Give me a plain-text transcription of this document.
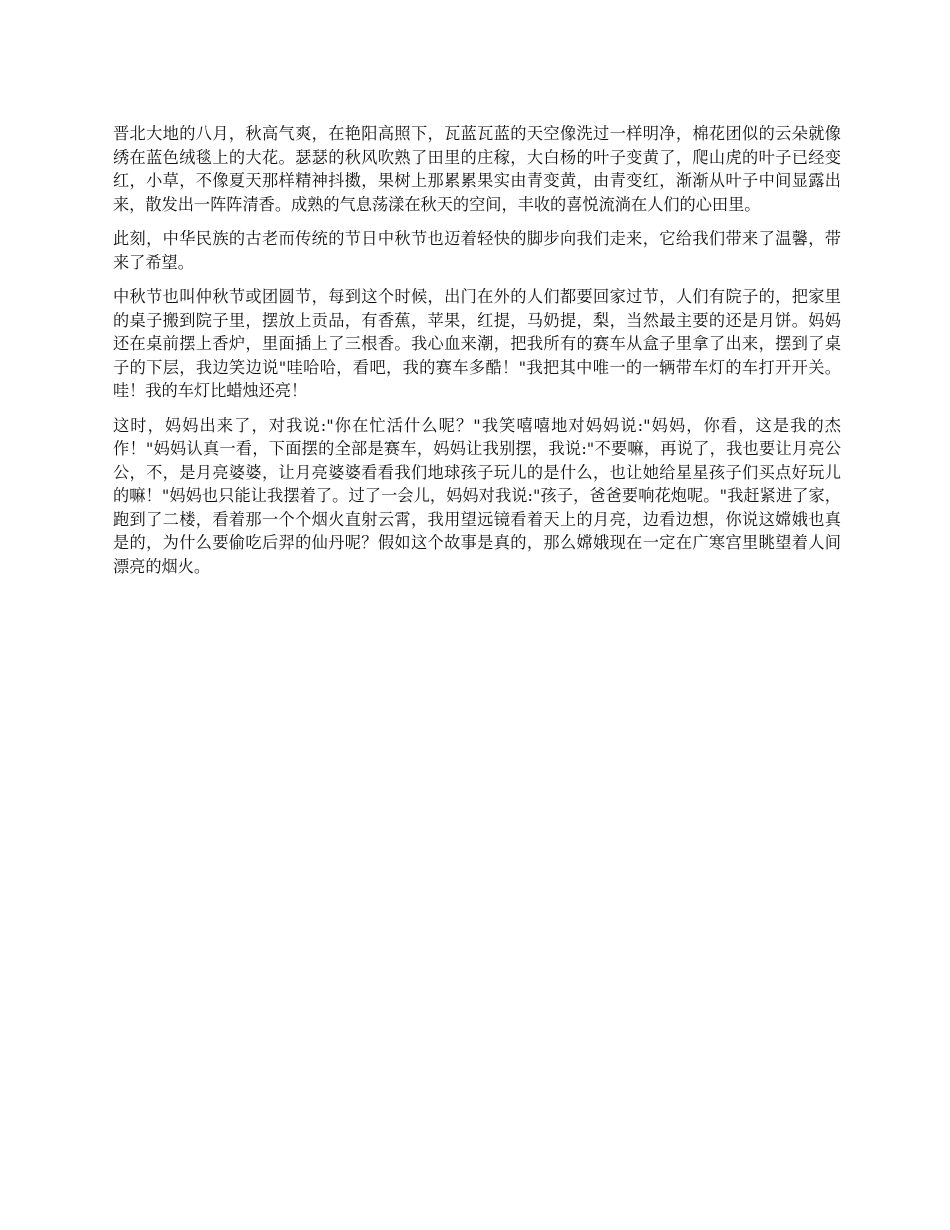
晋北大地的八月，秋高气爽，在艳阳高照下，瓦蓝瓦蓝的天空像洗过一样明净，棉花团似的云朵就像绣在蓝色绒毯上的大花。瑟瑟的秋风吹熟了田里的庄稼，大白杨的叶子变黄了，爬山虎的叶子已经变红，小草，不像夏天那样精神抖擞，果树上那累累果实由青变黄，由青变红，渐渐从叶子中间显露出来，散发出一阵阵清香。成熟的气息荡漾在秋天的空间，丰收的喜悦流淌在人们的心田里。

此刻，中华民族的古老而传统的节日中秋节也迈着轻快的脚步向我们走来，它给我们带来了温馨，带来了希望。

中秋节也叫仲秋节或团圆节，每到这个时候，出门在外的人们都要回家过节，人们有院子的，把家里的桌子搬到院子里，摆放上贡品，有香蕉，苹果，红提，马奶提，梨，当然最主要的还是月饼。妈妈还在桌前摆上香炉，里面插上了三根香。我心血来潮，把我所有的赛车从盒子里拿了出来，摆到了桌子的下层，我边笑边说"哇哈哈，看吧，我的赛车多酷！"我把其中唯一的一辆带车灯的车打开开关。哇！我的车灯比蜡烛还亮！

这时，妈妈出来了，对我说:"你在忙活什么呢？"我笑嘻嘻地对妈妈说:"妈妈，你看，这是我的杰作！"妈妈认真一看，下面摆的全部是赛车，妈妈让我别摆，我说:"不要嘛，再说了，我也要让月亮公公，不，是月亮婆婆，让月亮婆婆看看我们地球孩子玩儿的是什么，也让她给星星孩子们买点好玩儿的嘛！"妈妈也只能让我摆着了。过了一会儿，妈妈对我说:"孩子，爸爸要响花炮呢。"我赶紧进了家，跑到了二楼，看着那一个个烟火直射云霄，我用望远镜看着天上的月亮，边看边想，你说这嫦娥也真是的，为什么要偷吃后羿的仙丹呢？假如这个故事是真的，那么嫦娥现在一定在广寒宫里眺望着人间漂亮的烟火。
